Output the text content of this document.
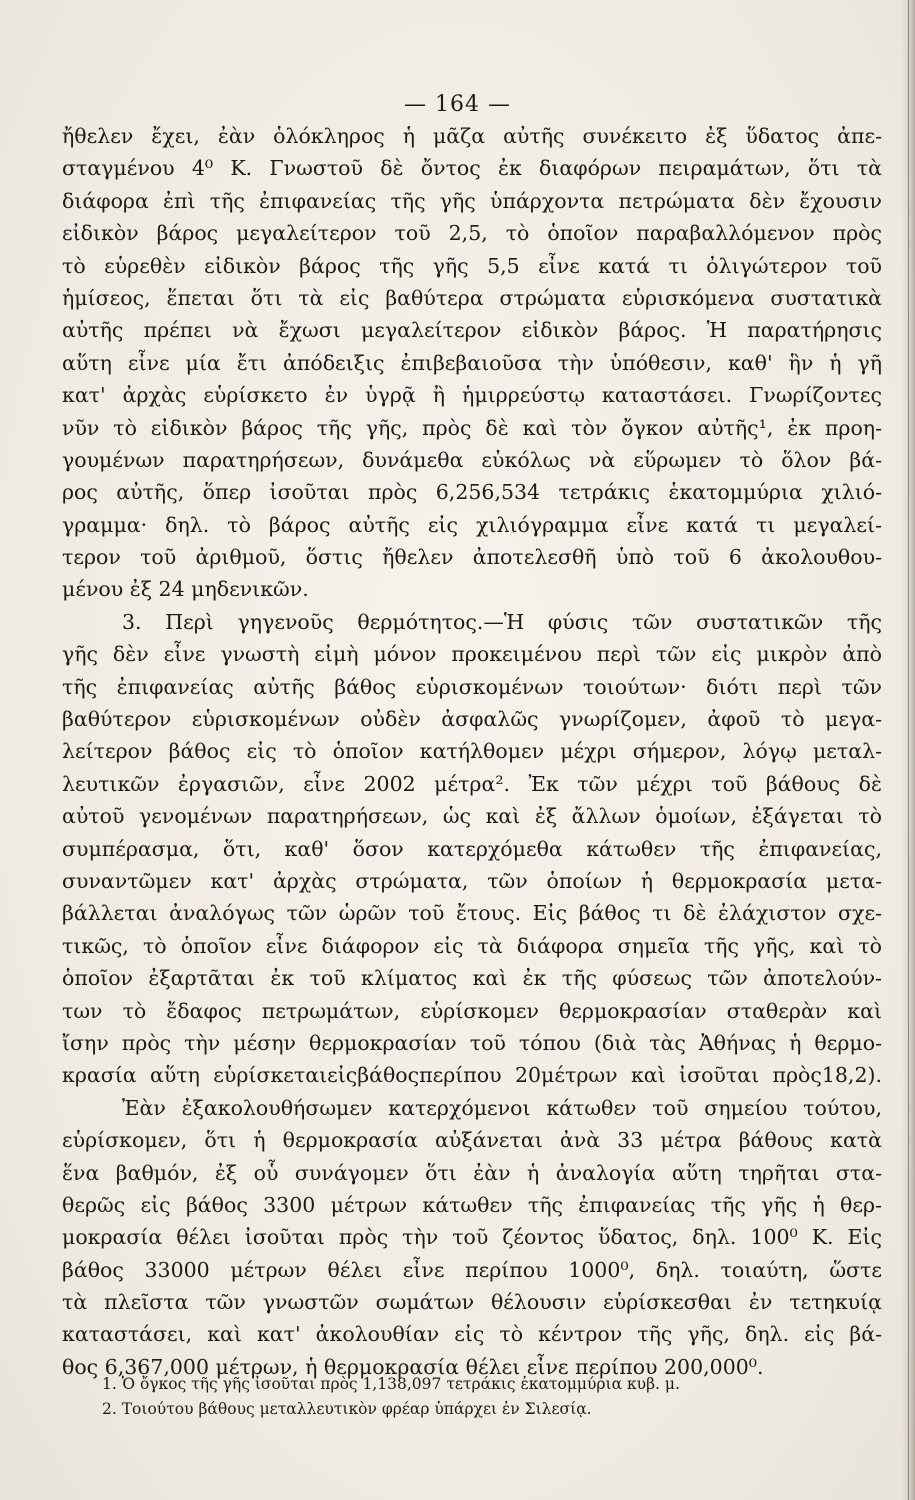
— 164 —
ἤθελεν ἔχει, ἐὰν ὁλόκληρος ἡ μᾶζα αὐτῆς συνέκειτο ἐξ ὕδατος ἀπε-
σταγμένου 4⁰ Κ. Γνωστοῦ δὲ ὄντος ἐκ διαφόρων πειραμάτων, ὅτι τὰ
διάφορα ἐπὶ τῆς ἐπιφανείας τῆς γῆς ὑπάρχοντα πετρώματα δὲν ἔχουσιν
εἰδικὸν βάρος μεγαλείτερον τοῦ 2,5, τὸ ὁποῖον παραβαλλόμενον πρὸς
τὸ εὑρεθὲν εἰδικὸν βάρος τῆς γῆς 5,5 εἶνε κατά τι ὀλιγώτερον τοῦ
ἡμίσεος, ἕπεται ὅτι τὰ εἰς βαθύτερα στρώματα εὑρισκόμενα συστατικὰ
αὐτῆς πρέπει νὰ ἔχωσι μεγαλείτερον εἰδικὸν βάρος. Ἡ παρατήρησις
αὕτη εἶνε μία ἔτι ἀπόδειξις ἐπιβεβαιοῦσα τὴν ὑπόθεσιν, καθ' ἣν ἡ γῆ
κατ' ἀρχὰς εὑρίσκετο ἐν ὑγρᾷ ἢ ἡμιρρεύστῳ καταστάσει. Γνωρίζοντες
νῦν τὸ εἰδικὸν βάρος τῆς γῆς, πρὸς δὲ καὶ τὸν ὄγκον αὐτῆς¹, ἐκ προη-
γουμένων παρατηρήσεων, δυνάμεθα εὐκόλως νὰ εὕρωμεν τὸ ὅλον βά-
ρος αὐτῆς, ὅπερ ἰσοῦται πρὸς 6,256,534 τετράκις ἑκατομμύρια χιλιό-
γραμμα· δηλ. τὸ βάρος αὐτῆς εἰς χιλιόγραμμα εἶνε κατά τι μεγαλεί-
τερον τοῦ ἀριθμοῦ, ὅστις ἤθελεν ἀποτελεσθῆ ὑπὸ τοῦ 6 ἀκολουθου-
μένου ἐξ 24 μηδενικῶν.
3. Περὶ γηγενοῦς θερμότητος.—Ἡ φύσις τῶν συστατικῶν τῆς
γῆς δὲν εἶνε γνωστὴ εἰμὴ μόνον προκειμένου περὶ τῶν εἰς μικρὸν ἀπὸ
τῆς ἐπιφανείας αὐτῆς βάθος εὑρισκομένων τοιούτων· διότι περὶ τῶν
βαθύτερον εὑρισκομένων οὐδὲν ἀσφαλῶς γνωρίζομεν, ἀφοῦ τὸ μεγα-
λείτερον βάθος εἰς τὸ ὁποῖον κατήλθομεν μέχρι σήμερον, λόγῳ μεταλ-
λευτικῶν ἐργασιῶν, εἶνε 2002 μέτρα². Ἐκ τῶν μέχρι τοῦ βάθους δὲ
αὐτοῦ γενομένων παρατηρήσεων, ὡς καὶ ἐξ ἄλλων ὁμοίων, ἐξάγεται τὸ
συμπέρασμα, ὅτι, καθ' ὅσον κατερχόμεθα κάτωθεν τῆς ἐπιφανείας,
συναντῶμεν κατ' ἀρχὰς στρώματα, τῶν ὁποίων ἡ θερμοκρασία μετα-
βάλλεται ἀναλόγως τῶν ὡρῶν τοῦ ἔτους. Εἰς βάθος τι δὲ ἐλάχιστον σχε-
τικῶς, τὸ ὁποῖον εἶνε διάφορον εἰς τὰ διάφορα σημεῖα τῆς γῆς, καὶ τὸ
ὁποῖον ἐξαρτᾶται ἐκ τοῦ κλίματος καὶ ἐκ τῆς φύσεως τῶν ἀποτελούν-
των τὸ ἔδαφος πετρωμάτων, εὑρίσκομεν θερμοκρασίαν σταθερὰν καὶ
ἴσην πρὸς τὴν μέσην θερμοκρασίαν τοῦ τόπου (διὰ τὰς Ἀθήνας ἡ θερμο-
κρασία αὕτη εὑρίσκεταιεἰςβάθοςπερίπου 20μέτρων καὶ ἰσοῦται πρὸς18,2).
Ἐὰν ἐξακολουθήσωμεν κατερχόμενοι κάτωθεν τοῦ σημείου τούτου,
εὑρίσκομεν, ὅτι ἡ θερμοκρασία αὐξάνεται ἀνὰ 33 μέτρα βάθους κατὰ
ἕνα βαθμόν, ἐξ οὗ συνάγομεν ὅτι ἐὰν ἡ ἀναλογία αὕτη τηρῆται στα-
θερῶς εἰς βάθος 3300 μέτρων κάτωθεν τῆς ἐπιφανείας τῆς γῆς ἡ θερ-
μοκρασία θέλει ἰσοῦται πρὸς τὴν τοῦ ζέοντος ὕδατος, δηλ. 100⁰ Κ. Εἰς
βάθος 33000 μέτρων θέλει εἶνε περίπου 1000⁰, δηλ. τοιαύτη, ὥστε
τὰ πλεῖστα τῶν γνωστῶν σωμάτων θέλουσιν εὑρίσκεσθαι ἐν τετηκυίᾳ
καταστάσει, καὶ κατ' ἀκολουθίαν εἰς τὸ κέντρον τῆς γῆς, δηλ. εἰς βά-
θος 6,367,000 μέτρων, ἡ θερμοκρασία θέλει εἶνε περίπου 200,000⁰.
1. Ὁ ὄγκος τῆς γῆς ἰσοῦται πρὸς 1,138,097 τετράκις ἑκατομμύρια κυβ. μ.
2. Τοιούτου βάθους μεταλλευτικὸν φρέαρ ὑπάρχει ἐν Σιλεσίᾳ.
